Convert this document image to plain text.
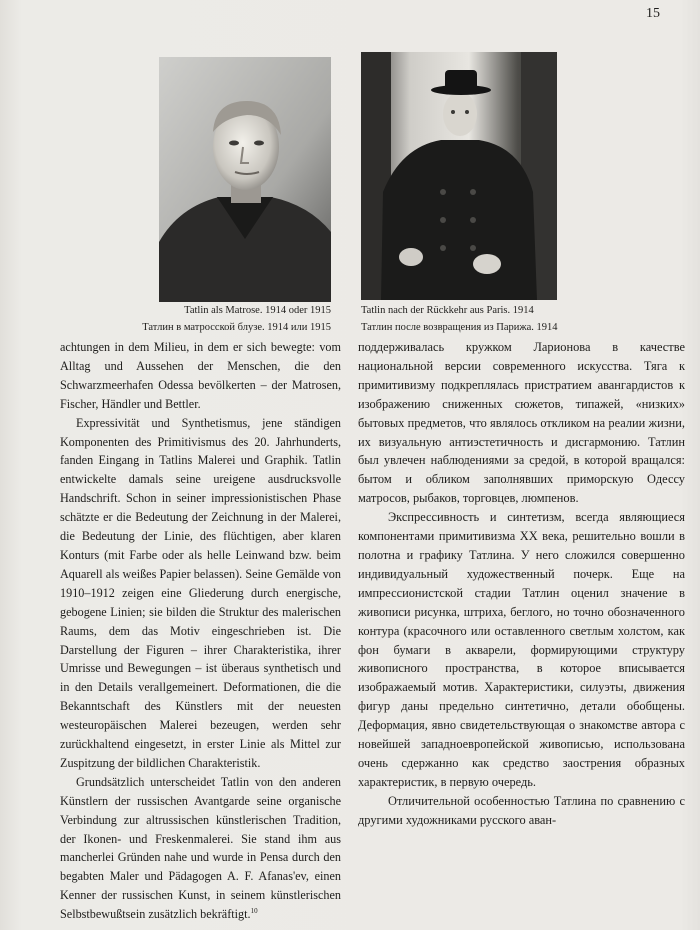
15
Tatlin als Matrose. 1914 oder 1915
Татлин в матросской блузе. 1914 или 1915
Tatlin nach der Rückkehr aus Paris. 1914
Татлин после возвращения из Парижа. 1914

achtungen in dem Milieu, in dem er sich bewegte: vom Alltag und Aussehen der Menschen, die den Schwarzmeerhafen Odessa bevölkerten – der Matrosen, Fischer, Händler und Bettler.

Expressivität und Synthetismus, jene ständigen Komponenten des Primitivismus des 20. Jahrhunderts, fanden Eingang in Tatlins Malerei und Graphik. Tatlin entwickelte damals seine ureigene ausdrucksvolle Handschrift. Schon in seiner impressionistischen Phase schätzte er die Bedeutung der Zeichnung in der Malerei, die Bedeutung der Linie, des flüchtigen, aber klaren Konturs (mit Farbe oder als helle Leinwand bzw. beim Aquarell als weißes Papier belassen). Seine Gemälde von 1910–1912 zeigen eine Gliederung durch energische, gebogene Linien; sie bilden die Struktur des malerischen Raums, dem das Motiv eingeschrieben ist. Die Darstellung der Figuren – ihrer Charakteristika, ihrer Umrisse und Bewegungen – ist überaus synthetisch und in den Details verallgemeinert. Deformationen, die die Bekanntschaft des Künstlers mit der neuesten westeuropäischen Malerei bezeugen, werden sehr zurückhaltend eingesetzt, in erster Linie als Mittel zur Zuspitzung der bildlichen Charakteristik.

Grundsätzlich unterscheidet Tatlin von den anderen Künstlern der russischen Avantgarde seine organische Verbindung zur altrussischen künstlerischen Tradition, der Ikonen- und Freskenmalerei. Sie stand ihm aus mancherlei Gründen nahe und wurde in Pensa durch den begabten Maler und Pädagogen A. F. Afanas'ev, einen Kenner der russischen Kunst, in seinem künstlerischen Selbstbewußtsein zusätzlich bekräftigt.$^{10}$

поддерживалась кружком Ларионова в качестве национальной версии современного искусства. Тяга к примитивизму подкреплялась пристратием авангардистов к изображению сниженных сюжетов, типажей, «низких» бытовых предметов, что являлось откликом на реалии жизни, их визуальную антиэстетичность и дисгармонию. Татлин был увлечен наблюдениями за средой, в которой вращался: бытом и обликом заполнявших приморскую Одессу матросов, рыбаков, торговцев, люмпенов.

Экспрессивность и синтетизм, всегда являющиеся компонентами примитивизма XX века, решительно вошли в полотна и графику Татлина. У него сложился совершенно индивидуальный художественный почерк. Еще на импрессионистской стадии Татлин оценил значение в живописи рисунка, штриха, беглого, но точно обозначенного контура (красочного или оставленного светлым холстом, как фон бумаги в акварели, формирующими структуру живописного пространства, в которое вписывается изображаемый мотив. Характеристики, силуэты, движения фигур даны предельно синтетично, детали обобщены. Деформация, явно свидетельствующая о знакомстве автора с новейшей западноевропейской живописью, использована очень сдержанно как средство заострения образных характеристик, в первую очередь.

Отличительной особенностью Татлина по сравнению с другими художниками русского аван-
